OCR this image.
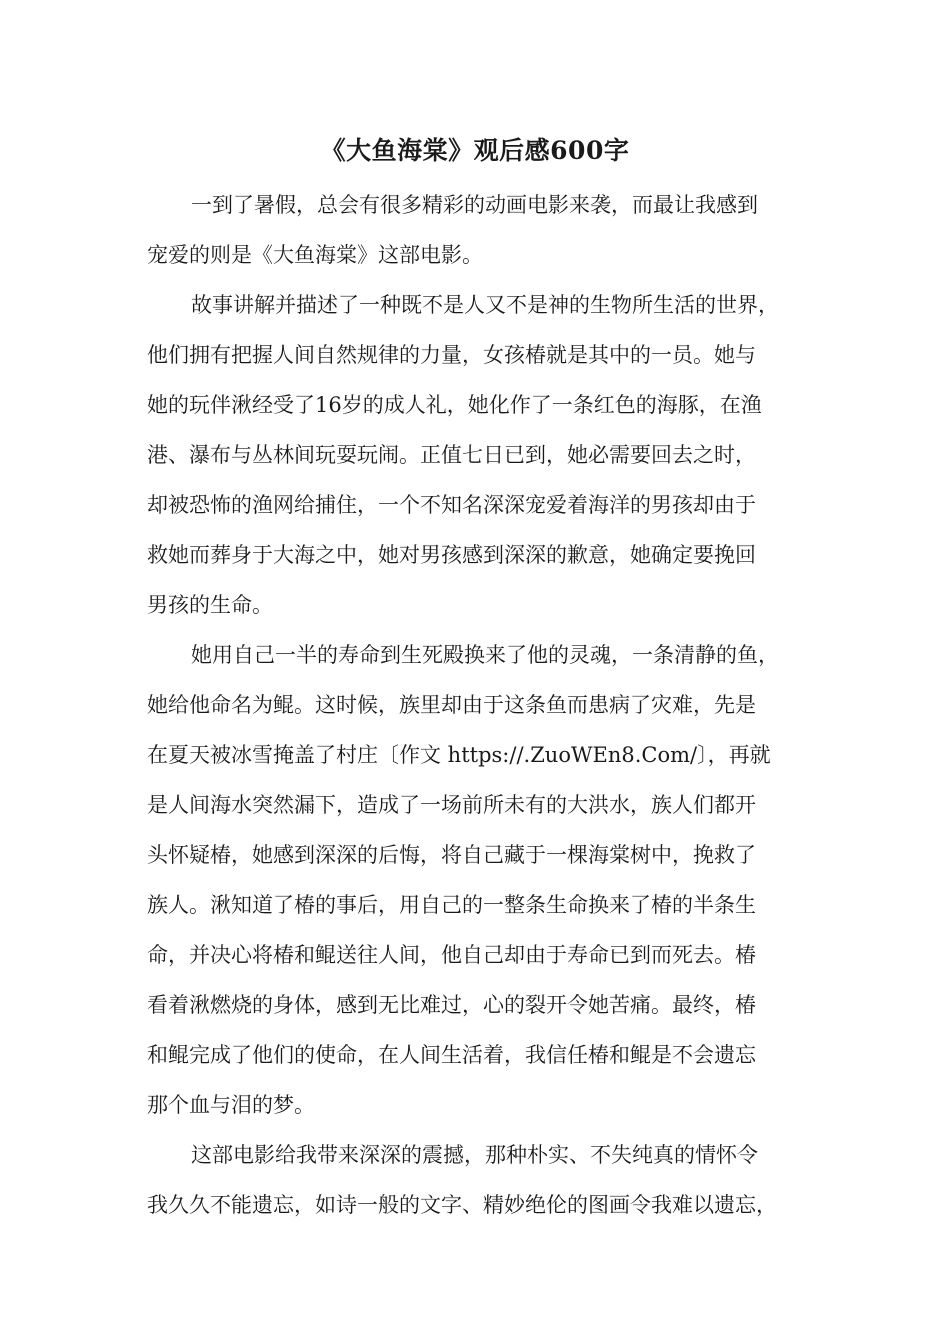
《大鱼海棠》观后感600字
一到了暑假，总会有很多精彩的动画电影来袭，而最让我感到
宠爱的则是《大鱼海棠》这部电影。
故事讲解并描述了一种既不是人又不是神的生物所生活的世界，
他们拥有把握人间自然规律的力量，女孩椿就是其中的一员。她与
她的玩伴湫经受了16岁的成人礼，她化作了一条红色的海豚，在渔
港、瀑布与丛林间玩耍玩闹。正值七日已到，她必需要回去之时，
却被恐怖的渔网给捕住，一个不知名深深宠爱着海洋的男孩却由于
救她而葬身于大海之中，她对男孩感到深深的歉意，她确定要挽回
男孩的生命。
她用自己一半的寿命到生死殿换来了他的灵魂，一条清静的鱼，
她给他命名为鲲。这时候，族里却由于这条鱼而患病了灾难，先是
在夏天被冰雪掩盖了村庄〔作文 https://.ZuoWEn8.Com/〕，再就
是人间海水突然漏下，造成了一场前所未有的大洪水，族人们都开
头怀疑椿，她感到深深的后悔，将自己藏于一棵海棠树中，挽救了
族人。湫知道了椿的事后，用自己的一整条生命换来了椿的半条生
命，并决心将椿和鲲送往人间，他自己却由于寿命已到而死去。椿
看着湫燃烧的身体，感到无比难过，心的裂开令她苦痛。最终，椿
和鲲完成了他们的使命，在人间生活着，我信任椿和鲲是不会遗忘
那个血与泪的梦。
这部电影给我带来深深的震撼，那种朴实、不失纯真的情怀令
我久久不能遗忘，如诗一般的文字、精妙绝伦的图画令我难以遗忘，
